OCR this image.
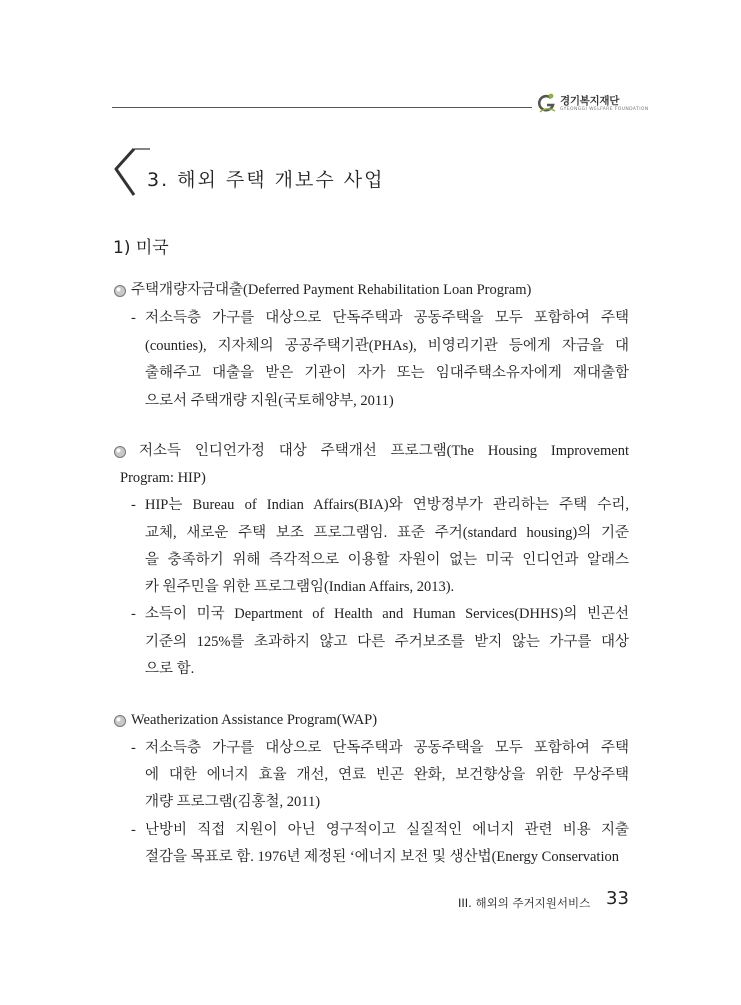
경기복지재단
GYEONGGI WELFARE FOUNDATION
3. 해외 주택 개보수 사업
1) 미국
주택개량자금대출(Deferred Payment Rehabilitation Loan Program)
- 저소득층 가구를 대상으로 단독주택과 공동주택을 모두 포함하여 주택
(counties), 지자체의 공공주택기관(PHAs), 비영리기관 등에게 자금을 대
출해주고 대출을 받은 기관이 자가 또는 임대주택소유자에게 재대출함
으로서 주택개량 지원(국토해양부, 2011)
저소득 인디언가정 대상 주택개선 프로그램(The Housing Improvement
Program: HIP)
- HIP는 Bureau of Indian Affairs(BIA)와 연방정부가 관리하는 주택 수리,
교체, 새로운 주택 보조 프로그램임. 표준 주거(standard housing)의 기준
을 충족하기 위해 즉각적으로 이용할 자원이 없는 미국 인디언과 알래스
카 원주민을 위한 프로그램임(Indian Affairs, 2013).
- 소득이 미국 Department of Health and Human Services(DHHS)의 빈곤선
기준의 125%를 초과하지 않고 다른 주거보조를 받지 않는 가구를 대상
으로 함.
Weatherization Assistance Program(WAP)
- 저소득층 가구를 대상으로 단독주택과 공동주택을 모두 포함하여 주택
에 대한 에너지 효율 개선, 연료 빈곤 완화, 보건향상을 위한 무상주택
개량 프로그램(김홍철, 2011)
- 난방비 직접 지원이 아닌 영구적이고 실질적인 에너지 관련 비용 지출
절감을 목표로 함. 1976년 제정된 ‘에너지 보전 및 생산법(Energy Conservation
III. 해외의 주거지원서비스 33
